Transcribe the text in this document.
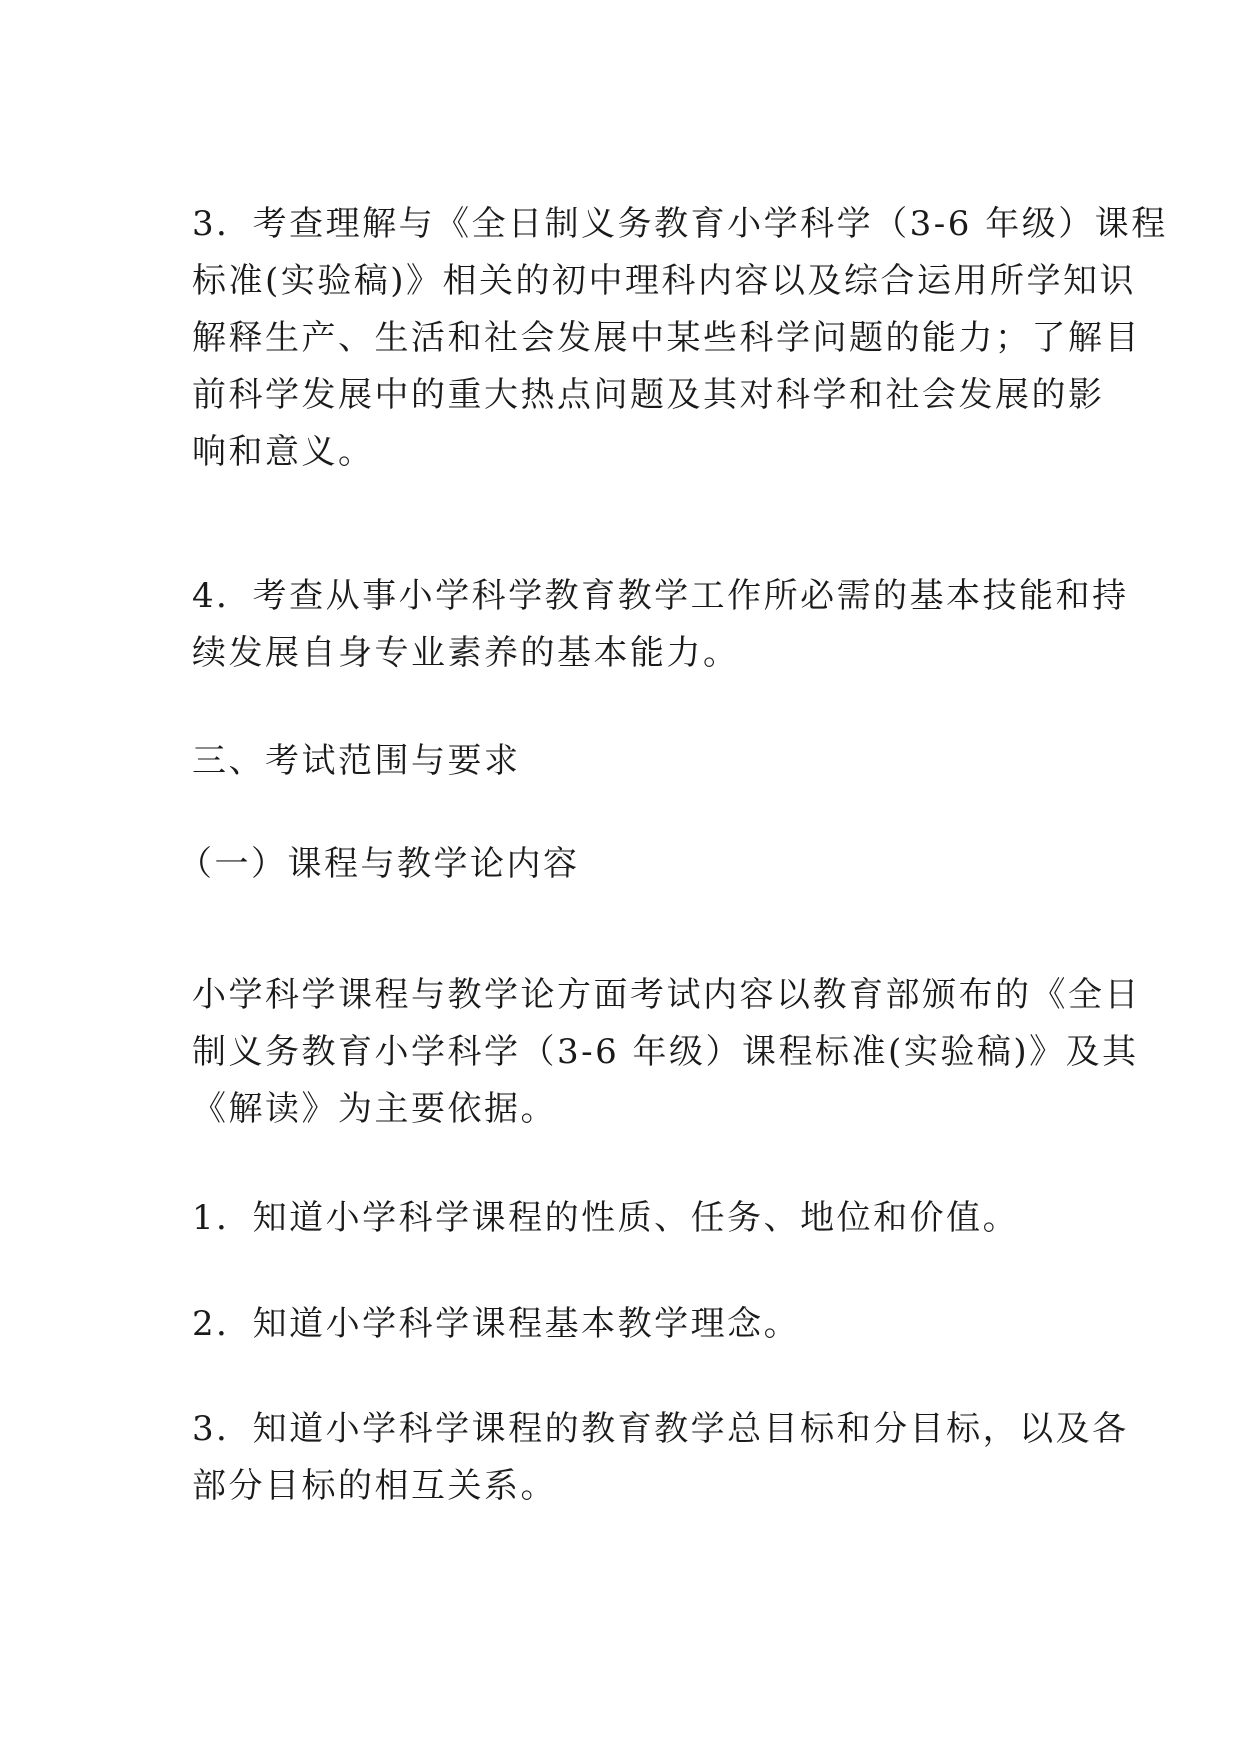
3．考查理解与《全日制义务教育小学科学（3-6 年级）课程
标准(实验稿)》相关的初中理科内容以及综合运用所学知识
解释生产、生活和社会发展中某些科学问题的能力；了解目
前科学发展中的重大热点问题及其对科学和社会发展的影
响和意义。
4．考查从事小学科学教育教学工作所必需的基本技能和持
续发展自身专业素养的基本能力。
三、考试范围与要求
（一）课程与教学论内容
小学科学课程与教学论方面考试内容以教育部颁布的《全日
制义务教育小学科学（3-6 年级）课程标准(实验稿)》及其
《解读》为主要依据。
1．知道小学科学课程的性质、任务、地位和价值。
2．知道小学科学课程基本教学理念。
3．知道小学科学课程的教育教学总目标和分目标，以及各
部分目标的相互关系。
